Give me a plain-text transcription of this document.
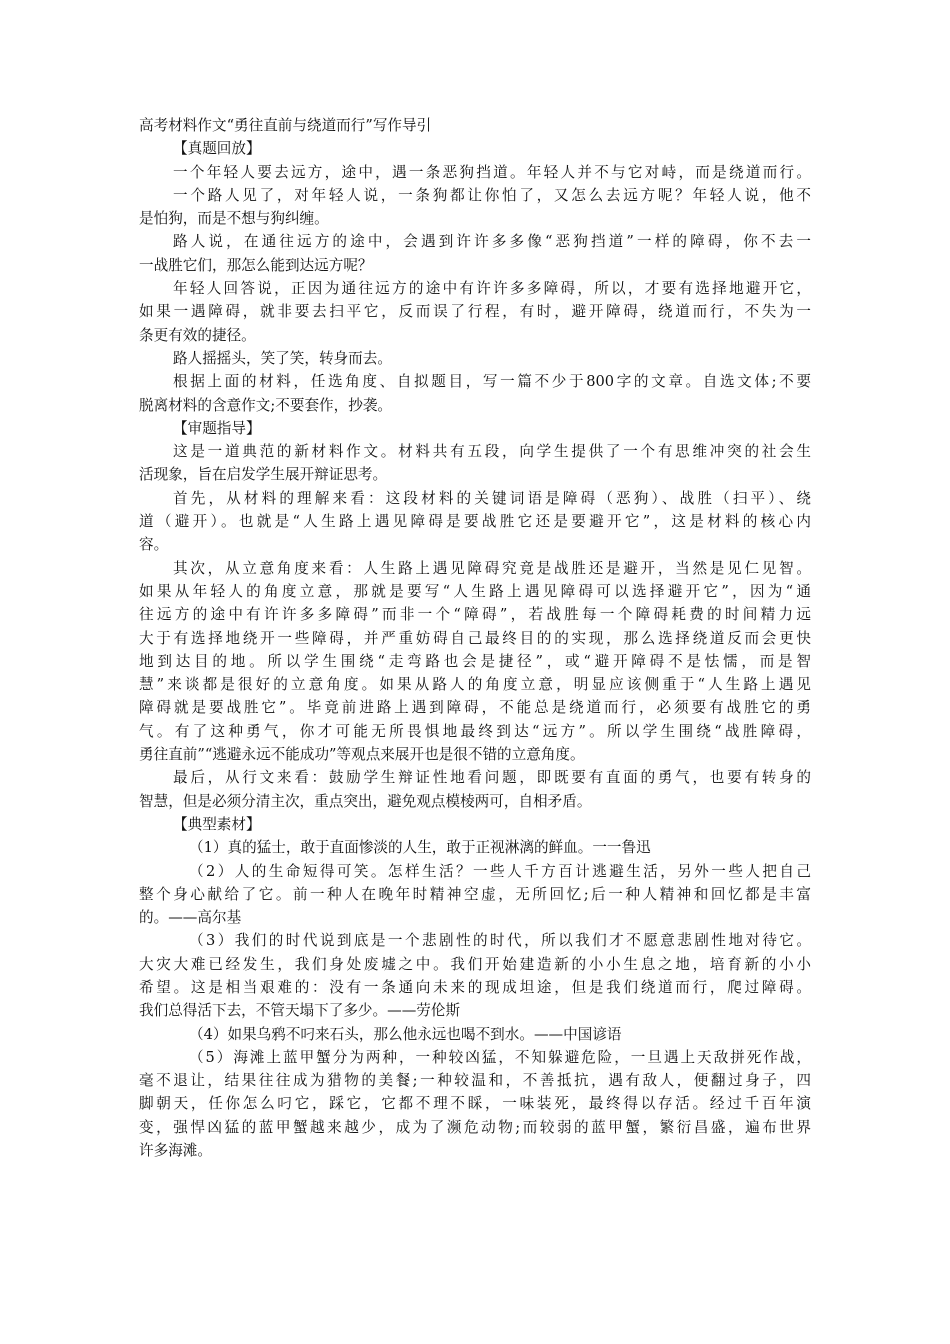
高考材料作文“勇往直前与绕道而行”写作导引
【真题回放】
一个年轻人要去远方，途中，遇一条恶狗挡道。年轻人并不与它对峙，而是绕道而行。
一个路人见了，对年轻人说，一条狗都让你怕了，又怎么去远方呢？年轻人说，他不
是怕狗，而是不想与狗纠缠。
路人说，在通往远方的途中，会遇到许许多多像“恶狗挡道”一样的障碍，你不去一
一战胜它们，那怎么能到达远方呢？
年轻人回答说，正因为通往远方的途中有许许多多障碍，所以，才要有选择地避开它，
如果一遇障碍，就非要去扫平它，反而误了行程，有时，避开障碍，绕道而行，不失为一
条更有效的捷径。
路人摇摇头，笑了笑，转身而去。
根据上面的材料，任选角度、自拟题目，写一篇不少于800字的文章。自选文体;不要
脱离材料的含意作文;不要套作，抄袭。
【审题指导】
这是一道典范的新材料作文。材料共有五段，向学生提供了一个有思维冲突的社会生
活现象，旨在启发学生展开辩证思考。
首先，从材料的理解来看：这段材料的关键词语是障碍（恶狗）、战胜（扫平）、绕
道（避开）。也就是“人生路上遇见障碍是要战胜它还是要避开它”，这是材料的核心内
容。
其次，从立意角度来看：人生路上遇见障碍究竟是战胜还是避开，当然是见仁见智。
如果从年轻人的角度立意，那就是要写“人生路上遇见障碍可以选择避开它”，因为“通
往远方的途中有许许多多障碍”而非一个“障碍”，若战胜每一个障碍耗费的时间精力远
大于有选择地绕开一些障碍，并严重妨碍自己最终目的的实现，那么选择绕道反而会更快
地到达目的地。所以学生围绕“走弯路也会是捷径”，或“避开障碍不是怯懦，而是智
慧”来谈都是很好的立意角度。如果从路人的角度立意，明显应该侧重于“人生路上遇见
障碍就是要战胜它”。毕竟前进路上遇到障碍，不能总是绕道而行，必须要有战胜它的勇
气。有了这种勇气，你才可能无所畏惧地最终到达“远方”。所以学生围绕“战胜障碍，
勇往直前”“逃避永远不能成功”等观点来展开也是很不错的立意角度。
最后，从行文来看：鼓励学生辩证性地看问题，即既要有直面的勇气，也要有转身的
智慧，但是必须分清主次，重点突出，避免观点模棱两可，自相矛盾。
【典型素材】
（1）真的猛士，敢于直面惨淡的人生，敢于正视淋漓的鲜血。一一鲁迅
（2）人的生命短得可笑。怎样生活？一些人千方百计逃避生活，另外一些人把自己
整个身心献给了它。前一种人在晚年时精神空虚，无所回忆;后一种人精神和回忆都是丰富
的。——高尔基
（3）我们的时代说到底是一个悲剧性的时代，所以我们才不愿意悲剧性地对待它。
大灾大难已经发生，我们身处废墟之中。我们开始建造新的小小生息之地，培育新的小小
希望。这是相当艰难的：没有一条通向未来的现成坦途，但是我们绕道而行，爬过障碍。
我们总得活下去，不管天塌下了多少。——劳伦斯
（4）如果乌鸦不叼来石头，那么他永远也喝不到水。——中国谚语
（5）海滩上蓝甲蟹分为两种，一种较凶猛，不知躲避危险，一旦遇上天敌拼死作战，
毫不退让，结果往往成为猎物的美餐;一种较温和，不善抵抗，遇有敌人，便翻过身子，四
脚朝天，任你怎么叼它，踩它，它都不理不睬，一味装死，最终得以存活。经过千百年演
变，强悍凶猛的蓝甲蟹越来越少，成为了濒危动物;而较弱的蓝甲蟹，繁衍昌盛，遍布世界
许多海滩。
